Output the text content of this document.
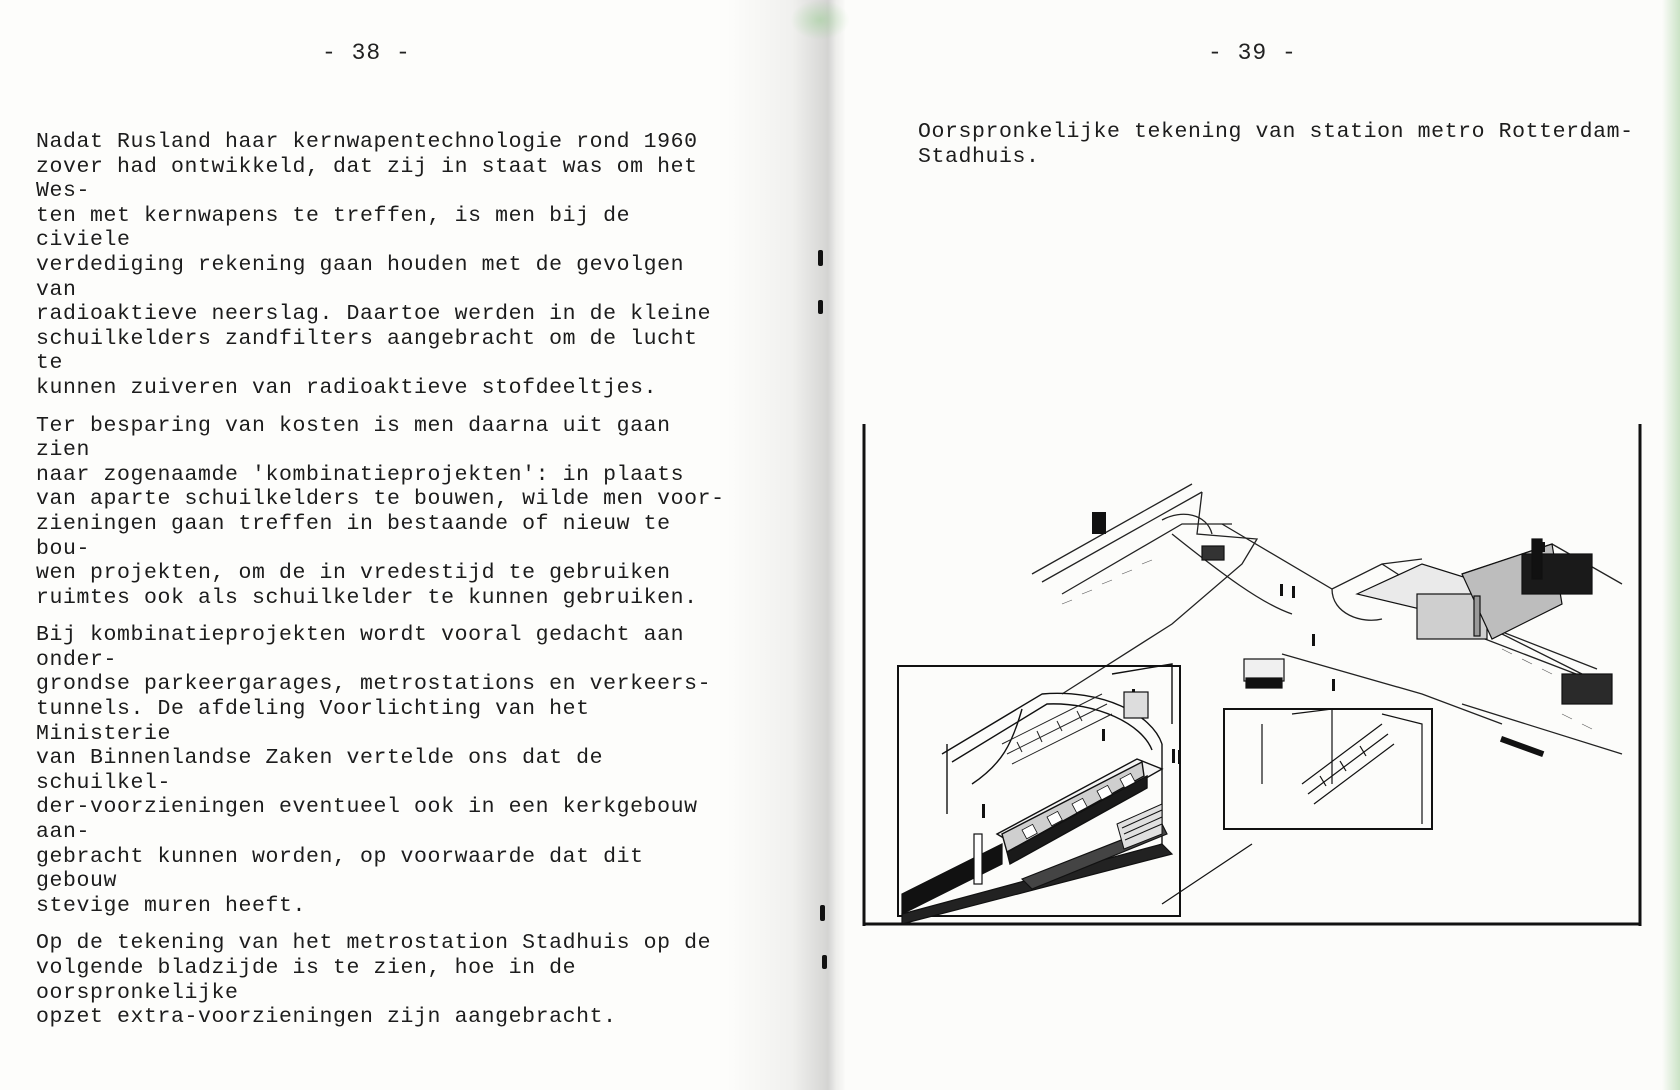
- 38 -

Nadat Rusland haar kernwapentechnologie rond 1960
zover had ontwikkeld, dat zij in staat was om het Wes-
ten met kernwapens te treffen, is men bij de civiele
verdediging rekening gaan houden met de gevolgen van
radioaktieve neerslag. Daartoe werden in de kleine
schuilkelders zandfilters aangebracht om de lucht te
kunnen zuiveren van radioaktieve stofdeeltjes.

Ter besparing van kosten is men daarna uit gaan zien
naar zogenaamde 'kombinatieprojekten': in plaats
van aparte schuilkelders te bouwen, wilde men voor-
zieningen gaan treffen in bestaande of nieuw te bou-
wen projekten, om de in vredestijd te gebruiken
ruimtes ook als schuilkelder te kunnen gebruiken.

Bij kombinatieprojekten wordt vooral gedacht aan onder-
grondse parkeergarages, metrostations en verkeers-
tunnels. De afdeling Voorlichting van het Ministerie
van Binnenlandse Zaken vertelde ons dat de schuilkel-
der-voorzieningen eventueel ook in een kerkgebouw aan-
gebracht kunnen worden, op voorwaarde dat dit gebouw
stevige muren heeft.

Op de tekening van het metrostation Stadhuis op de
volgende bladzijde is te zien, hoe in de oorspronkelijke
opzet extra-voorzieningen zijn aangebracht.

- 39 -
Oorspronkelijke tekening van station metro Rotterdam-
Stadhuis.
